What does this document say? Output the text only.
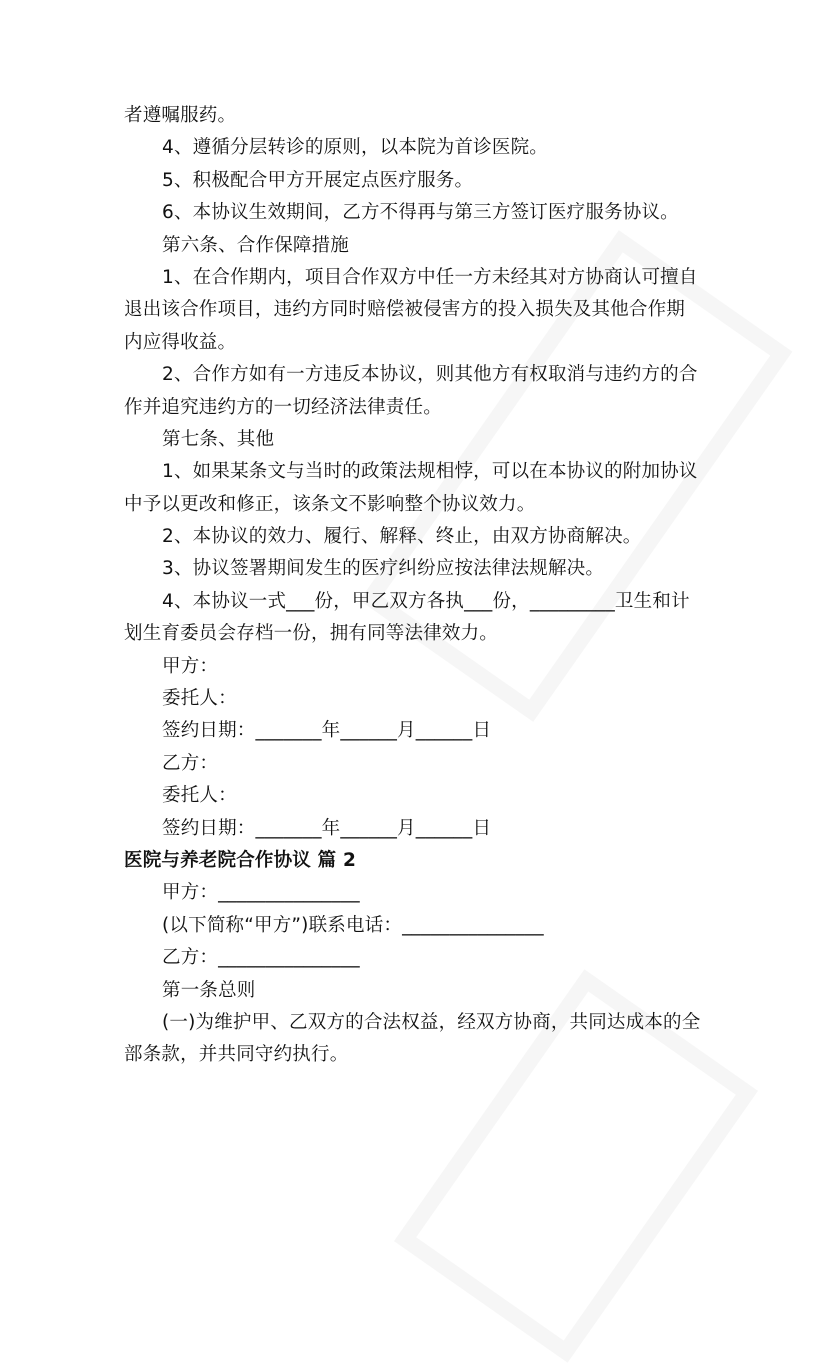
者遵嘱服药。
4、遵循分层转诊的原则，以本院为首诊医院。
5、积极配合甲方开展定点医疗服务。
6、本协议生效期间，乙方不得再与第三方签订医疗服务协议。
第六条、合作保障措施
1、在合作期内，项目合作双方中任一方未经其对方协商认可擅自
退出该合作项目，违约方同时赔偿被侵害方的投入损失及其他合作期
内应得收益。
2、合作方如有一方违反本协议，则其他方有权取消与违约方的合
作并追究违约方的一切经济法律责任。
第七条、其他
1、如果某条文与当时的政策法规相悖，可以在本协议的附加协议
中予以更改和修正，该条文不影响整个协议效力。
2、本协议的效力、履行、解释、终止，由双方协商解决。
3、协议签署期间发生的医疗纠纷应按法律法规解决。
4、本协议一式___份，甲乙双方各执___份，_________卫生和计
划生育委员会存档一份，拥有同等法律效力。
甲方：
委托人：
签约日期：_______年______月______日
乙方：
委托人：
签约日期：_______年______月______日
医院与养老院合作协议 篇 2
甲方：_______________
(以下简称“甲方”)联系电话：_______________
乙方：_______________
第一条总则
(一)为维护甲、乙双方的合法权益，经双方协商，共同达成本的全
部条款，并共同守约执行。
